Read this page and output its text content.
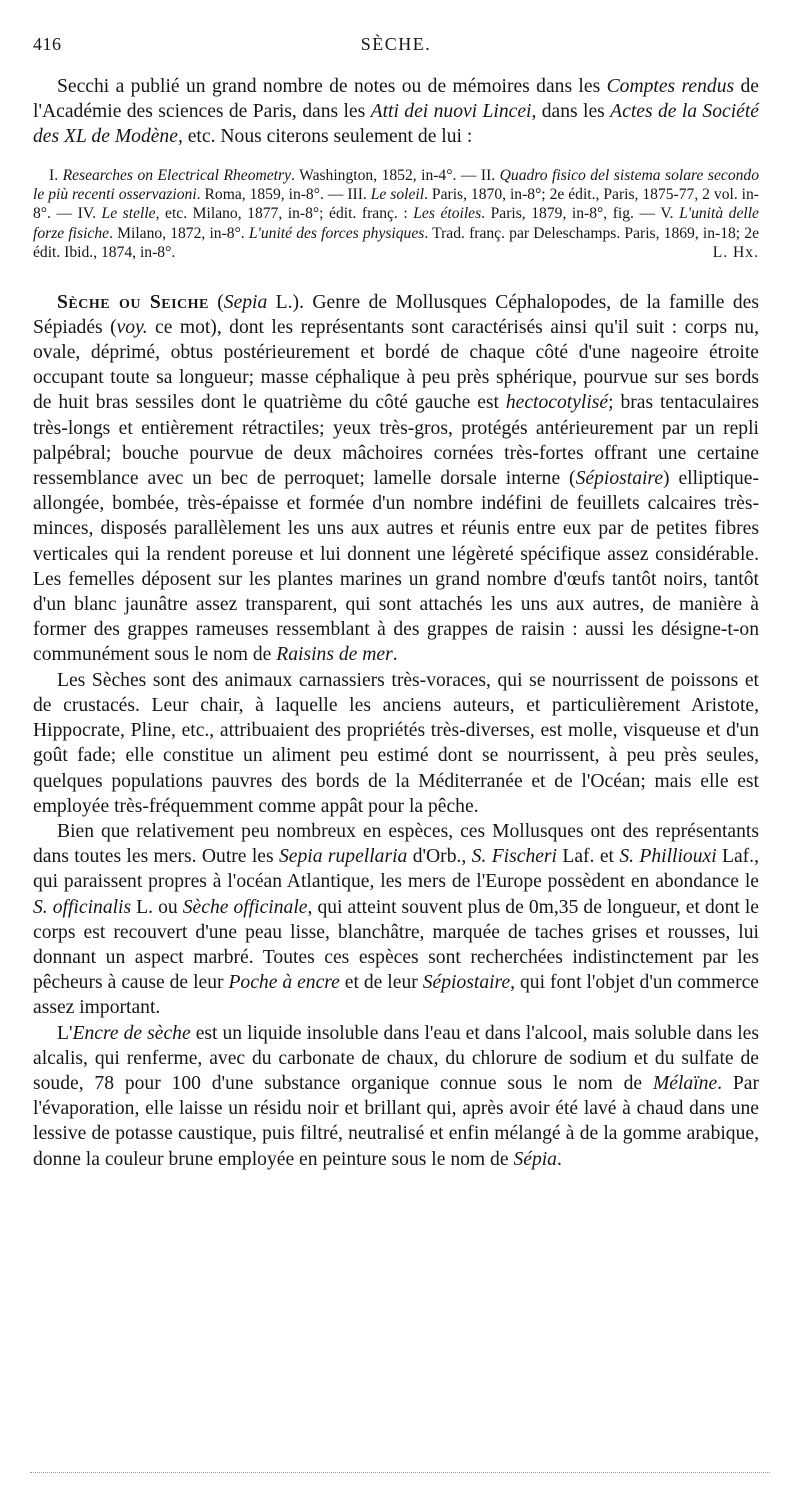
416	SÈCHE.

Secchi a publié un grand nombre de notes ou de mémoires dans les Comptes rendus de l'Académie des sciences de Paris, dans les Atti dei nuovi Lincei, dans les Actes de la Société des XL de Modène, etc. Nous citerons seulement de lui :

I. Researches on Electrical Rheometry. Washington, 1852, in-4°. — II. Quadro fisico del sistema solare secondo le più recenti osservazioni. Roma, 1859, in-8°. — III. Le soleil. Paris, 1870, in-8°; 2e édit., Paris, 1875-77, 2 vol. in-8°. — IV. Le stelle, etc. Milano, 1877, in-8°; édit. franç. : Les étoiles. Paris, 1879, in-8°, fig. — V. L'unità delle forze fisiche. Milano, 1872, in-8°. L'unité des forces physiques. Trad. franç. par Deleschamps. Paris, 1869, in-18; 2e édit. Ibid., 1874, in-8°.	L. Hx.

Sèche ou Seiche (Sepia L.). Genre de Mollusques Céphalopodes, de la famille des Sépiadés (voy. ce mot), dont les représentants sont caractérisés ainsi qu'il suit : corps nu, ovale, déprimé, obtus postérieurement et bordé de chaque côté d'une nageoire étroite occupant toute sa longueur; masse céphalique à peu près sphérique, pourvue sur ses bords de huit bras sessiles dont le quatrième du côté gauche est hectocotylisé; bras tentaculaires très-longs et entièrement rétractiles; yeux très-gros, protégés antérieurement par un repli palpébral; bouche pourvue de deux mâchoires cornées très-fortes offrant une certaine ressemblance avec un bec de perroquet; lamelle dorsale interne (Sépiostaire) elliptique-allongée, bombée, très-épaisse et formée d'un nombre indéfini de feuillets calcaires très-minces, disposés parallèlement les uns aux autres et réunis entre eux par de petites fibres verticales qui la rendent poreuse et lui donnent une légèreté spécifique assez considérable. Les femelles déposent sur les plantes marines un grand nombre d'œufs tantôt noirs, tantôt d'un blanc jaunâtre assez transparent, qui sont attachés les uns aux autres, de manière à former des grappes rameuses ressemblant à des grappes de raisin : aussi les désigne-t-on communément sous le nom de Raisins de mer.

Les Sèches sont des animaux carnassiers très-voraces, qui se nourrissent de poissons et de crustacés. Leur chair, à laquelle les anciens auteurs, et particulièrement Aristote, Hippocrate, Pline, etc., attribuaient des propriétés très-diverses, est molle, visqueuse et d'un goût fade; elle constitue un aliment peu estimé dont se nourrissent, à peu près seules, quelques populations pauvres des bords de la Méditerranée et de l'Océan; mais elle est employée très-fréquemment comme appât pour la pêche.

Bien que relativement peu nombreux en espèces, ces Mollusques ont des représentants dans toutes les mers. Outre les Sepia rupellaria d'Orb., S. Fischeri Laf. et S. Philliouxi Laf., qui paraissent propres à l'océan Atlantique, les mers de l'Europe possèdent en abondance le S. officinalis L. ou Sèche officinale, qui atteint souvent plus de 0m,35 de longueur, et dont le corps est recouvert d'une peau lisse, blanchâtre, marquée de taches grises et rousses, lui donnant un aspect marbré. Toutes ces espèces sont recherchées indistinctement par les pêcheurs à cause de leur Poche à encre et de leur Sépiostaire, qui font l'objet d'un commerce assez important.

L'Encre de sèche est un liquide insoluble dans l'eau et dans l'alcool, mais soluble dans les alcalis, qui renferme, avec du carbonate de chaux, du chlorure de sodium et du sulfate de soude, 78 pour 100 d'une substance organique connue sous le nom de Mélaïne. Par l'évaporation, elle laisse un résidu noir et brillant qui, après avoir été lavé à chaud dans une lessive de potasse caustique, puis filtré, neutralisé et enfin mélangé à de la gomme arabique, donne la couleur brune employée en peinture sous le nom de Sépia.
